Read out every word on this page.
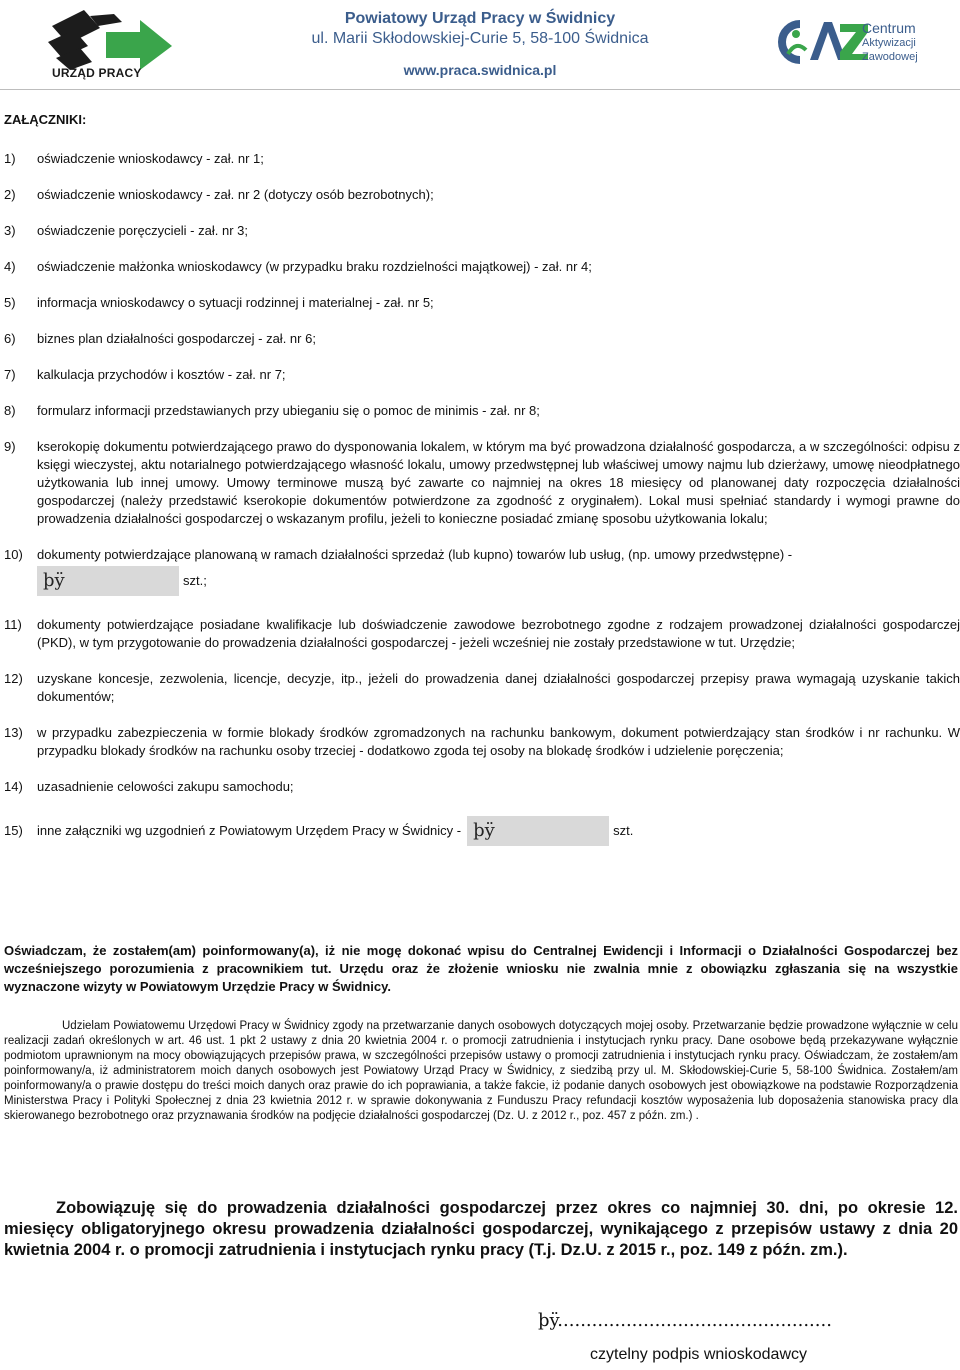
URZĄD PRACY
Powiatowy Urząd Pracy w Świdnicy
ul. Marii Skłodowskiej-Curie 5, 58-100 Świdnica
www.praca.swidnica.pl
Centrum
Aktywizacji
Zawodowej
ZAŁĄCZNIKI:
1) oświadczenie wnioskodawcy - zał. nr 1;
2) oświadczenie wnioskodawcy - zał. nr 2 (dotyczy osób bezrobotnych);
3) oświadczenie poręczycieli - zał. nr 3;
4) oświadczenie małżonka wnioskodawcy (w przypadku braku rozdzielności majątkowej) - zał. nr 4;
5) informacja wnioskodawcy o sytuacji rodzinnej i materialnej - zał. nr 5;
6) biznes plan działalności gospodarczej - zał. nr 6;
7) kalkulacja przychodów i kosztów - zał. nr 7;
8) formularz informacji przedstawianych przy ubieganiu się o pomoc de minimis - zał. nr 8;
9) kserokopię dokumentu potwierdzającego prawo do dysponowania lokalem, w którym ma być prowadzona działalność gospodarcza, a w szczególności: odpisu z księgi wieczystej, aktu notarialnego potwierdzającego własność lokalu, umowy przedwstępnej lub właściwej umowy najmu lub dzierżawy, umowę nieodpłatnego użytkowania lub innej umowy. Umowy terminowe muszą być zawarte co najmniej na okres 18 miesięcy od planowanej daty rozpoczęcia działalności gospodarczej (należy przedstawić kserokopie dokumentów potwierdzone za zgodność z oryginałem). Lokal musi spełniać standardy i wymogi prawne do prowadzenia działalności gospodarczej o wskazanym profilu, jeżeli to konieczne posiadać zmianę sposobu użytkowania lokalu;
10) dokumenty potwierdzające planowaną w ramach działalności sprzedaż (lub kupno) towarów lub usług, (np. umowy przedwstępne) -
þÿ	szt.;
11) dokumenty potwierdzające posiadane kwalifikacje lub doświadczenie zawodowe bezrobotnego zgodne z rodzajem prowadzonej działalności gospodarczej (PKD), w tym przygotowanie do prowadzenia działalności gospodarczej - jeżeli wcześniej nie zostały przedstawione w tut. Urzędzie;
12) uzyskane koncesje, zezwolenia, licencje, decyzje, itp., jeżeli do prowadzenia danej działalności gospodarczej przepisy prawa wymagają uzyskanie takich dokumentów;
13) w przypadku zabezpieczenia w formie blokady środków zgromadzonych na rachunku bankowym, dokument potwierdzający stan środków i nr rachunku. W przypadku blokady środków na rachunku osoby trzeciej - dodatkowo zgoda tej osoby na blokadę środków i udzielenie poręczenia;
14) uzasadnienie celowości zakupu samochodu;
15) inne załączniki wg uzgodnień z Powiatowym Urzędem Pracy w Świdnicy - þÿ	szt.
Oświadczam, że zostałem(am) poinformowany(a), iż nie mogę dokonać wpisu do Centralnej Ewidencji i Informacji o Działalności Gospodarczej bez wcześniejszego porozumienia z pracownikiem tut. Urzędu oraz że złożenie wniosku nie zwalnia mnie z obowiązku zgłaszania się na wszystkie wyznaczone wizyty w Powiatowym Urzędzie Pracy w Świdnicy.
Udzielam Powiatowemu Urzędowi Pracy w Świdnicy zgody na przetwarzanie danych osobowych dotyczących mojej osoby. Przetwarzanie będzie prowadzone wyłącznie w celu realizacji zadań określonych w art. 46 ust. 1 pkt 2 ustawy z dnia 20 kwietnia 2004 r. o promocji zatrudnienia i instytucjach rynku pracy. Dane osobowe będą przekazywane wyłącznie podmiotom uprawnionym na mocy obowiązujących przepisów prawa, w szczególności przepisów ustawy o promocji zatrudnienia i instytucjach rynku pracy. Oświadczam, że zostałem/am poinformowany/a, iż administratorem moich danych osobowych jest Powiatowy Urząd Pracy w Świdnicy, z siedzibą przy ul. M. Skłodowskiej-Curie 5, 58-100 Świdnica. Zostałem/am poinformowany/a o prawie dostępu do treści moich danych oraz prawie do ich poprawiania, a także fakcie, iż podanie danych osobowych jest obowiązkowe na podstawie Rozporządzenia Ministerstwa Pracy i Polityki Społecznej z dnia 23 kwietnia 2012 r. w sprawie dokonywania z Funduszu Pracy refundacji kosztów wyposażenia lub doposażenia stanowiska pracy dla skierowanego bezrobotnego oraz przyznawania środków na podjęcie działalności gospodarczej (Dz. U. z 2012 r., poz. 457 z późn. zm.) .
Zobowiązuję się do prowadzenia działalności gospodarczej przez okres co najmniej 30. dni, po okresie 12. miesięcy obligatoryjnego okresu prowadzenia działalności gospodarczej, wynikającego z przepisów ustawy z dnia 20 kwietnia 2004 r. o promocji zatrudnienia i instytucjach rynku pracy (T.j. Dz.U. z 2015 r., poz. 149 z późn. zm.).
þÿ................................................
czytelny podpis wnioskodawcy
